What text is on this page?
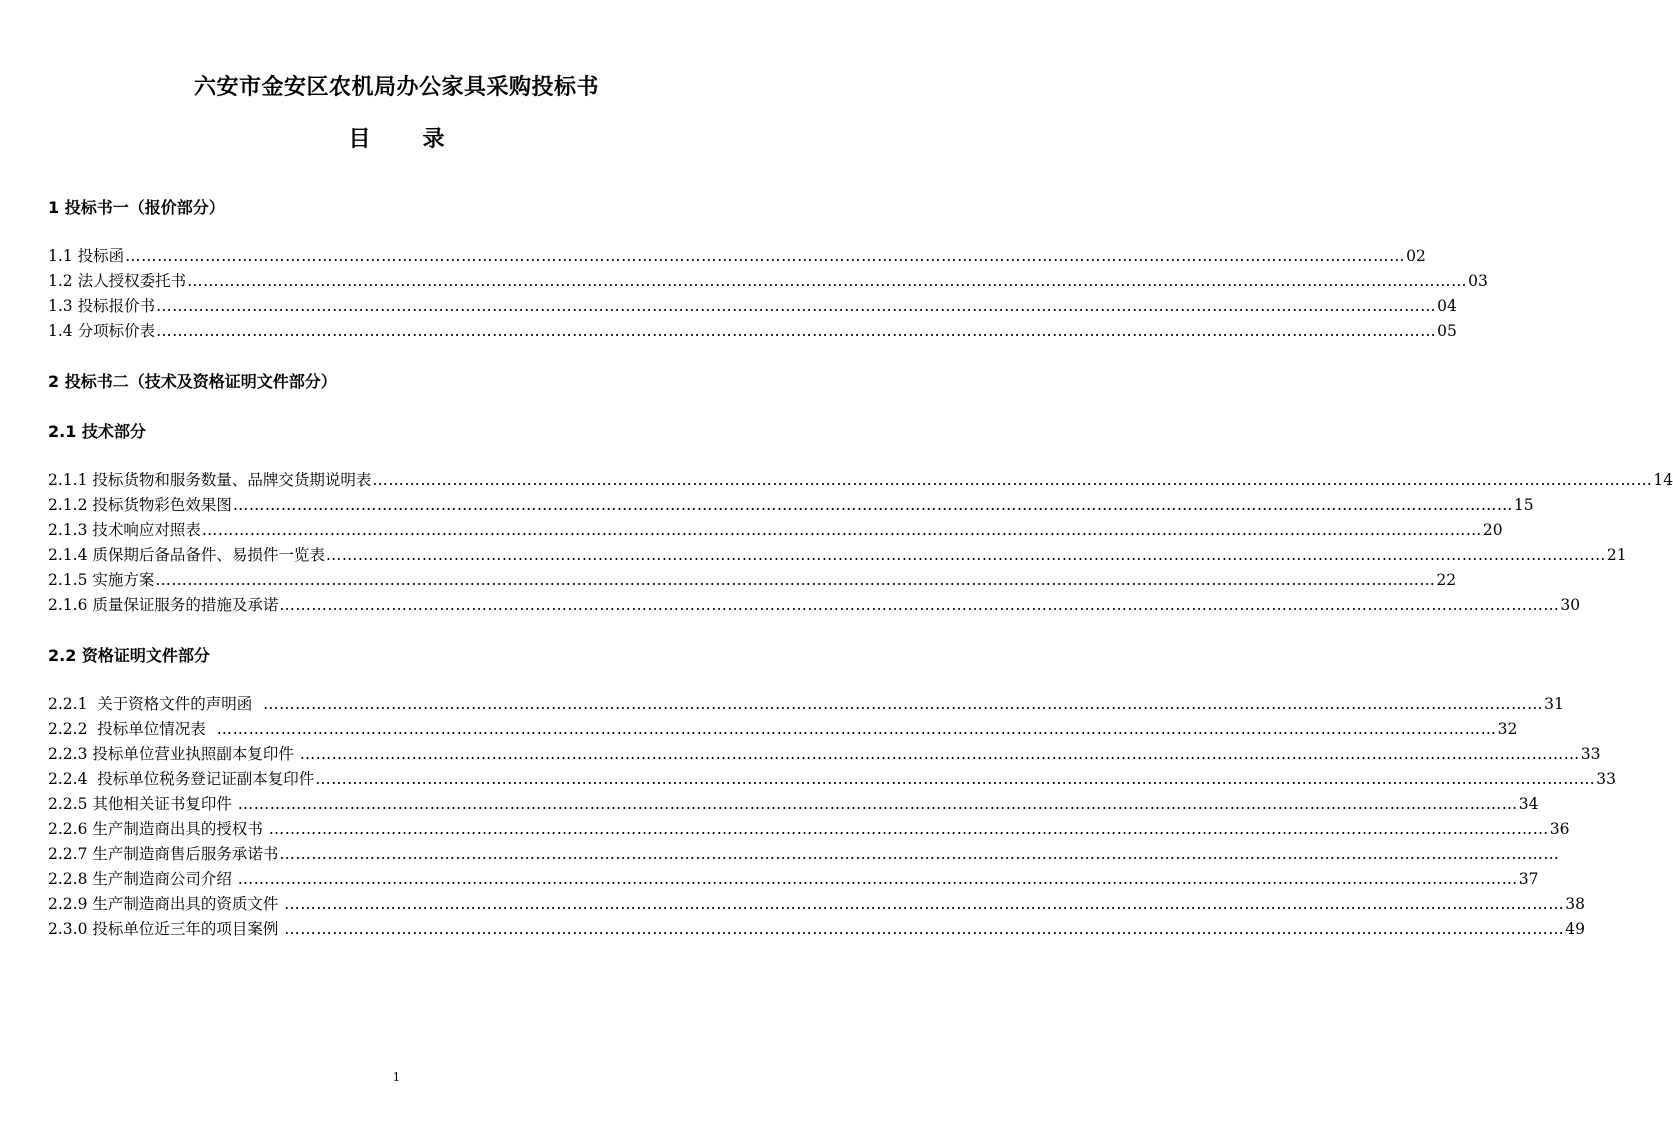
六安市金安区农机局办公家具采购投标书
目 录
1 投标书一（报价部分）
1.1 投标函 …………………………………………………………………………………………………………………………………………………………………………………………………………………… 02
1.2 法人授权委托书 …………………………………………………………………………………………………………………………………………………………………………………………………………………… 03
1.3 投标报价书 …………………………………………………………………………………………………………………………………………………………………………………………………………………… 04
1.4 分项标价表 …………………………………………………………………………………………………………………………………………………………………………………………………………………… 05
2 投标书二（技术及资格证明文件部分）
2.1 技术部分
2.1.1 投标货物和服务数量、品牌交货期说明表 …………………………………………………………………………………………………………………………………………………………………………………………………………………… 14
2.1.2 投标货物彩色效果图 …………………………………………………………………………………………………………………………………………………………………………………………………………………… 15
2.1.3 技术响应对照表 …………………………………………………………………………………………………………………………………………………………………………………………………………………… 20
2.1.4 质保期后备品备件、易损件一览表 …………………………………………………………………………………………………………………………………………………………………………………………………………………… 21
2.1.5 实施方案 …………………………………………………………………………………………………………………………………………………………………………………………………………………… 22
2.1.6 质量保证服务的措施及承诺 …………………………………………………………………………………………………………………………………………………………………………………………………………………… 30
2.2 资格证明文件部分
2.2.1  关于资格文件的声明函 …………………………………………………………………………………………………………………………………………………………………………………………………………………… 31
2.2.2  投标单位情况表 …………………………………………………………………………………………………………………………………………………………………………………………………………………… 32
2.2.3 投标单位营业执照副本复印件 …………………………………………………………………………………………………………………………………………………………………………………………………………………… 33
2.2.4  投标单位税务登记证副本复印件 …………………………………………………………………………………………………………………………………………………………………………………………………………………… 33
2.2.5 其他相关证书复印件 …………………………………………………………………………………………………………………………………………………………………………………………………………………… 34
2.2.6 生产制造商出具的授权书 …………………………………………………………………………………………………………………………………………………………………………………………………………………… 36
2.2.7 生产制造商售后服务承诺书 ……………………………………………………………………………………………………………………………………………………………………………………………………………………
2.2.8 生产制造商公司介绍 …………………………………………………………………………………………………………………………………………………………………………………………………………………… 37
2.2.9 生产制造商出具的资质文件 …………………………………………………………………………………………………………………………………………………………………………………………………………………… 38
2.3.0 投标单位近三年的项目案例 …………………………………………………………………………………………………………………………………………………………………………………………………………………… 49
1
